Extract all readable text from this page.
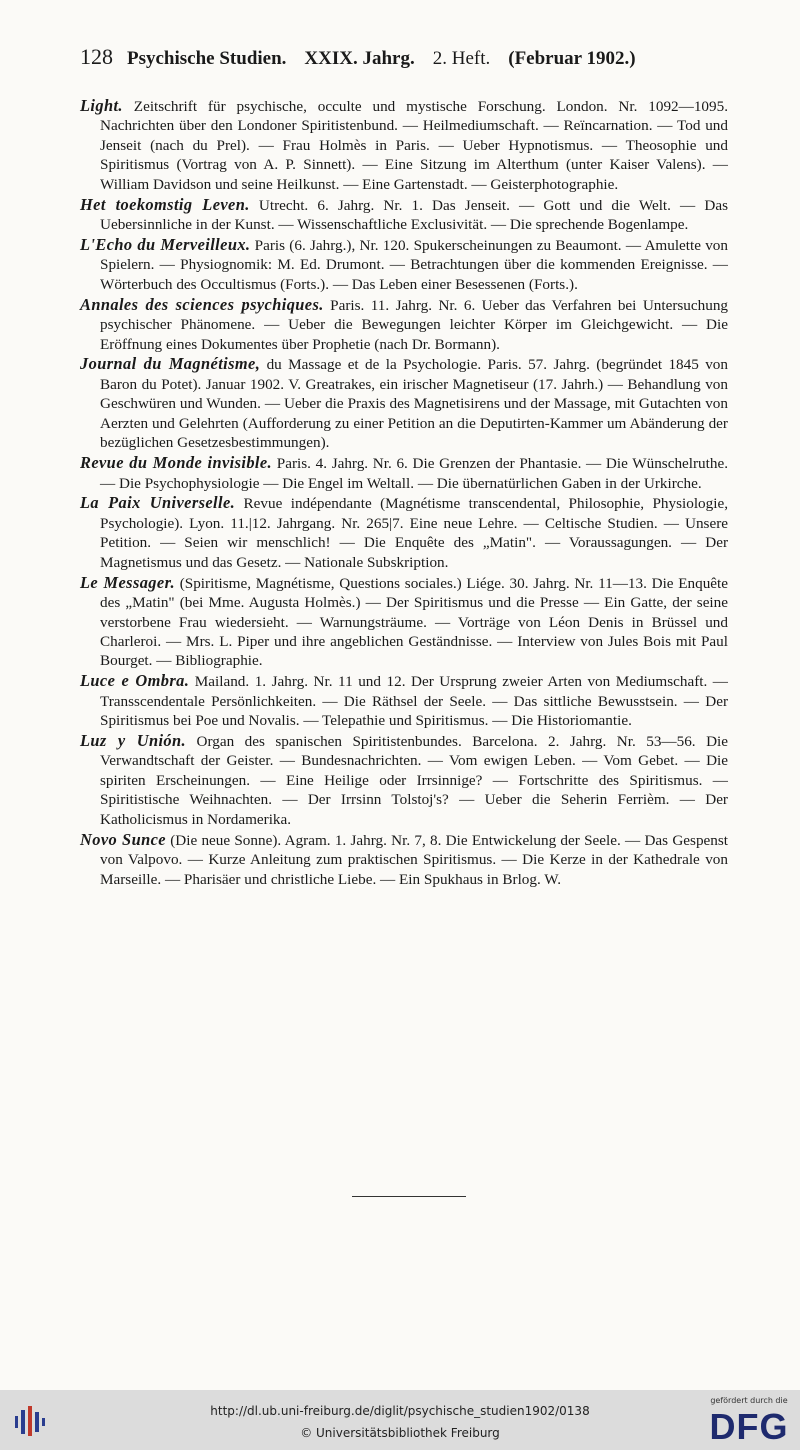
128 Psychische Studien. XXIX. Jahrg. 2. Heft. (Februar 1902.)

Light. Zeitschrift für psychische, occulte und mystische Forschung. London. Nr. 1092—1095. Nachrichten über den Londoner Spiritistenbund. — Heilmediumschaft. — Reïncarnation. — Tod und Jenseit (nach du Prel). — Frau Holmès in Paris. — Ueber Hypnotismus. — Theosophie und Spiritismus (Vortrag von A. P. Sinnett). — Eine Sitzung im Alterthum (unter Kaiser Valens). — William Davidson und seine Heilkunst. — Eine Gartenstadt. — Geisterphotographie.

Het toekomstig Leven. Utrecht. 6. Jahrg. Nr. 1. Das Jenseit. — Gott und die Welt. — Das Uebersinnliche in der Kunst. — Wissenschaftliche Exclusivität. — Die sprechende Bogenlampe.

L'Echo du Merveilleux. Paris (6. Jahrg.), Nr. 120. Spukerscheinungen zu Beaumont. — Amulette von Spielern. — Physiognomik: M. Ed. Drumont. — Betrachtungen über die kommenden Ereignisse. — Wörterbuch des Occultismus (Forts.). — Das Leben einer Besessenen (Forts.).

Annales des sciences psychiques. Paris. 11. Jahrg. Nr. 6. Ueber das Verfahren bei Untersuchung psychischer Phänomene. — Ueber die Bewegungen leichter Körper im Gleichgewicht. — Die Eröffnung eines Dokumentes über Prophetie (nach Dr. Bormann).

Journal du Magnétisme, du Massage et de la Psychologie. Paris. 57. Jahrg. (begründet 1845 von Baron du Potet). Januar 1902. V. Greatrakes, ein irischer Magnetiseur (17. Jahrh.) — Behandlung von Geschwüren und Wunden. — Ueber die Praxis des Magnetisirens und der Massage, mit Gutachten von Aerzten und Gelehrten (Aufforderung zu einer Petition an die Deputirten-Kammer um Abänderung der bezüglichen Gesetzesbestimmungen).

Revue du Monde invisible. Paris. 4. Jahrg. Nr. 6. Die Grenzen der Phantasie. — Die Wünschelruthe. — Die Psychophysiologie — Die Engel im Weltall. — Die übernatürlichen Gaben in der Urkirche.

La Paix Universelle. Revue indépendante (Magnétisme transcendental, Philosophie, Physiologie, Psychologie). Lyon. 11.|12. Jahrgang. Nr. 265|7. Eine neue Lehre. — Celtische Studien. — Unsere Petition. — Seien wir menschlich! — Die Enquête des „Matin". — Voraussagungen. — Der Magnetismus und das Gesetz. — Nationale Subskription.

Le Messager. (Spiritisme, Magnétisme, Questions sociales.) Liége. 30. Jahrg. Nr. 11—13. Die Enquête des „Matin" (bei Mme. Augusta Holmès.) — Der Spiritismus und die Presse — Ein Gatte, der seine verstorbene Frau wiedersieht. — Warnungsträume. — Vorträge von Léon Denis in Brüssel und Charleroi. — Mrs. L. Piper und ihre angeblichen Geständnisse. — Interview von Jules Bois mit Paul Bourget. — Bibliographie.

Luce e Ombra. Mailand. 1. Jahrg. Nr. 11 und 12. Der Ursprung zweier Arten von Mediumschaft. — Transscendentale Persönlichkeiten. — Die Räthsel der Seele. — Das sittliche Bewusstsein. — Der Spiritismus bei Poe und Novalis. — Telepathie und Spiritismus. — Die Historiomantie.

Luz y Unión. Organ des spanischen Spiritistenbundes. Barcelona. 2. Jahrg. Nr. 53—56. Die Verwandtschaft der Geister. — Bundesnachrichten. — Vom ewigen Leben. — Vom Gebet. — Die spiriten Erscheinungen. — Eine Heilige oder Irrsinnige? — Fortschritte des Spiritismus. — Spiritistische Weihnachten. — Der Irrsinn Tolstoj's? — Ueber die Seherin Ferrièm. — Der Katholicismus in Nordamerika.

Novo Sunce (Die neue Sonne). Agram. 1. Jahrg. Nr. 7, 8. Die Entwickelung der Seele. — Das Gespenst von Valpovo. — Kurze Anleitung zum praktischen Spiritismus. — Die Kerze in der Kathedrale von Marseille. — Pharisäer und christliche Liebe. — Ein Spukhaus in Brlog. W.

http://dl.ub.uni-freiburg.de/diglit/psychische_studien1902/0138
© Universitätsbibliothek Freiburg
gefördert durch die
DFG
